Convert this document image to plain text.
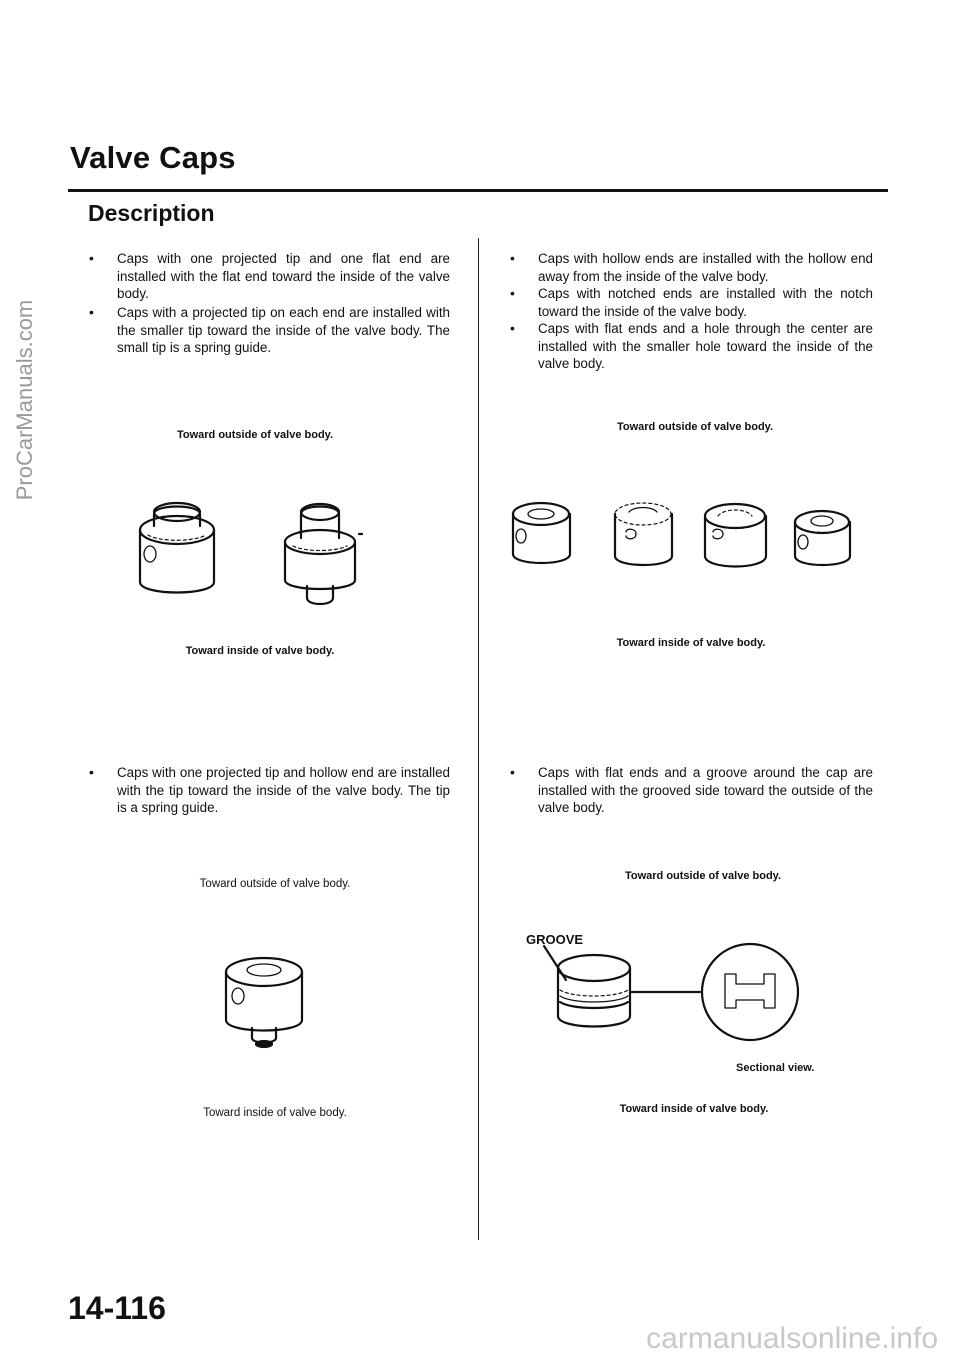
ProCarManuals.com
Valve Caps
Description
• Caps with one projected tip and one flat end are installed with the flat end toward the inside of the valve body.

• Caps with a projected tip on each end are installed with the smaller tip toward the inside of the valve body. The small tip is a spring guide.

Toward outside of valve body.
Toward inside of valve body.
• Caps with one projected tip and hollow end are installed with the tip toward the inside of the valve body. The tip is a spring guide.

Toward outside of valve body.
Toward inside of valve body.
• Caps with hollow ends are installed with the hollow end away from the inside of the valve body.

• Caps with notched ends are installed with the notch toward the inside of the valve body.

• Caps with flat ends and a hole through the center are installed with the smaller hole toward the inside of the valve body.

Toward outside of valve body.
Toward inside of valve body.
• Caps with flat ends and a groove around the cap are installed with the grooved side toward the outside of the valve body.

Toward outside of valve body.
GROOVE
Sectional view.
Toward inside of valve body.
14-116
carmanualsonline.info
